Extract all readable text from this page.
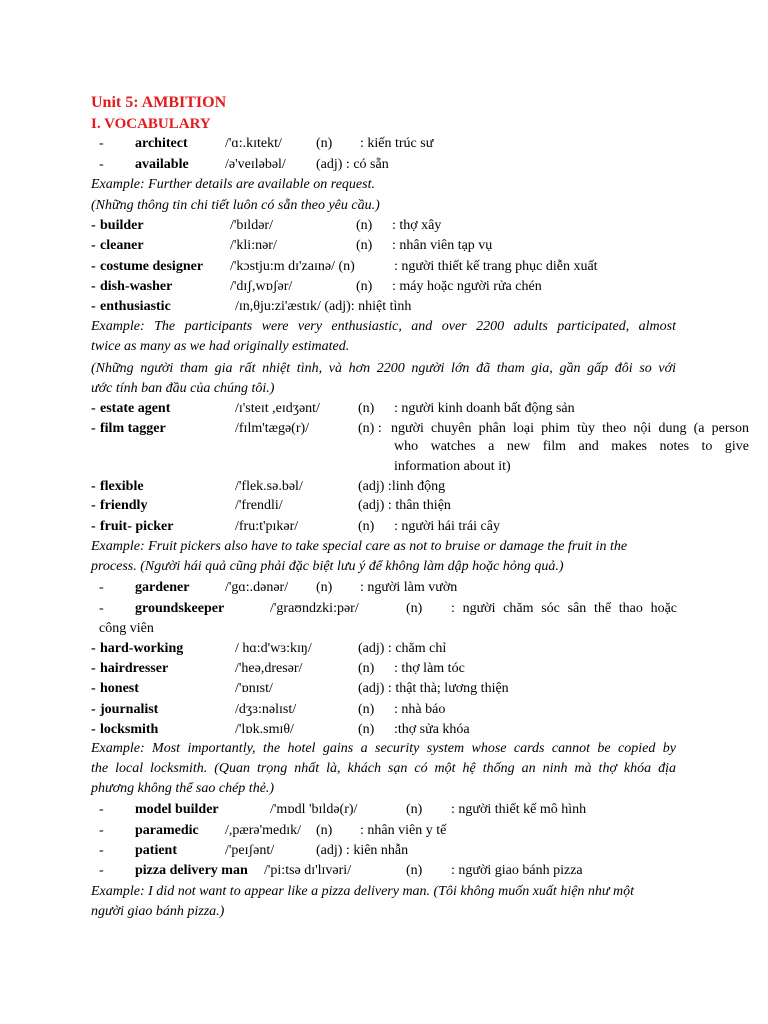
Unit 5: AMBITION
I. VOCABULARY
- architect	/'ɑ:.kɪtekt/ (n) : kiến trúc sư
- available	/ə'veɪləbəl/ (adj) : có sẵn
Example: Further details are available on request.
(Những thông tin chi tiết luôn có sẵn theo yêu cầu.)
- builder	/'bɪldər/	(n) : thợ xây
- cleaner	/'kli:nər/	(n) : nhân viên tạp vụ
- costume designer /'kɔstju:m dɪ'zaɪnə/ (n)	: người thiết kế trang phục diễn xuất
- dish-washer	/'dɪʃ,wɒʃər/	(n) : máy hoặc người rửa chén
- enthusiastic	/ɪn,θju:zi'æstɪk/ (adj): nhiệt tình
Example: The participants were very enthusiastic, and over 2200 adults participated, almost
twice as many as we had originally estimated.
(Những người tham gia rất nhiệt tình, và hơn 2200 người lớn đã tham gia, gần gấp đôi so với
ước tính ban đầu của chúng tôi.)
- estate agent	/ɪ'steɪt ,eɪdʒənt/	(n) : người kinh doanh bất động sản
- film tagger	/fɪlm'tægə(r)/	(n) : người chuyên phân loại phim tùy theo nội dung (a person
who watches a new film and makes notes to give
information about it)
- flexible	/'flek.sə.bəl/	(adj) :linh động
- friendly	/'frendli/	(adj) : thân thiện
- fruit- picker	/fru:t'pɪkər/	(n) : người hái trái cây
Example: Fruit pickers also have to take special care as not to bruise or damage the fruit in the
process. (Người hái quả cũng phải đặc biệt lưu ý để không làm dập hoặc hỏng quả.)
- gardener	/'gɑ:.dənər/ (n) : người làm vườn
- groundskeeper	/'graʊndzki:pər/	(n) : người chăm sóc sân thể thao hoặc
công viên
- hard-working	/ hɑ:d'wɜ:kɪŋ/	(adj) : chăm chỉ
- hairdresser	/'heə,dresər/	(n) : thợ làm tóc
- honest	/'ɒnɪst/	(adj) : thật thà; lương thiện
- journalist	/dʒɜ:nəlɪst/	(n) : nhà báo
- locksmith	/'lɒk.smɪθ/	(n) :thợ sửa khóa
Example: Most importantly, the hotel gains a security system whose cards cannot be copied by
the local locksmith. (Quan trọng nhất là, khách sạn có một hệ thống an ninh mà thợ khóa địa
phương không thể sao chép thẻ.)
- model builder	/'mɒdl 'bɪldə(r)/	(n) : người thiết kế mô hình
- paramedic /,pærə'medɪk/ (n) : nhân viên y tế
- patient	/'peɪʃənt/	(adj) : kiên nhẫn
- pizza delivery man /'pi:tsə dɪ'lɪvəri/	(n) : người giao bánh pizza
Example: I did not want to appear like a pizza delivery man. (Tôi không muốn xuất hiện như một
người giao bánh pizza.)
